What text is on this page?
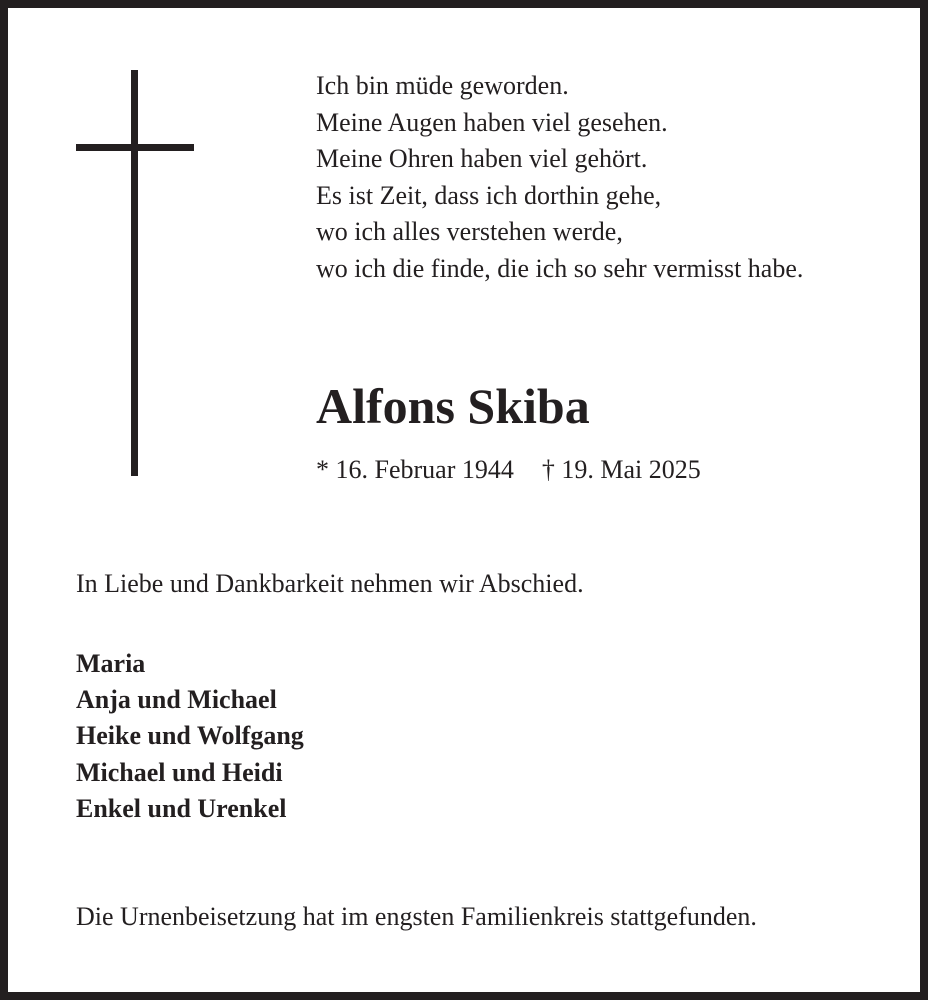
Ich bin müde geworden.
Meine Augen haben viel gesehen.
Meine Ohren haben viel gehört.
Es ist Zeit, dass ich dorthin gehe,
wo ich alles verstehen werde,
wo ich die finde, die ich so sehr vermisst habe.
Alfons Skiba
* 16. Februar 1944 † 19. Mai 2025
In Liebe und Dankbarkeit nehmen wir Abschied.
Maria
Anja und Michael
Heike und Wolfgang
Michael und Heidi
Enkel und Urenkel
Die Urnenbeisetzung hat im engsten Familienkreis stattgefunden.
